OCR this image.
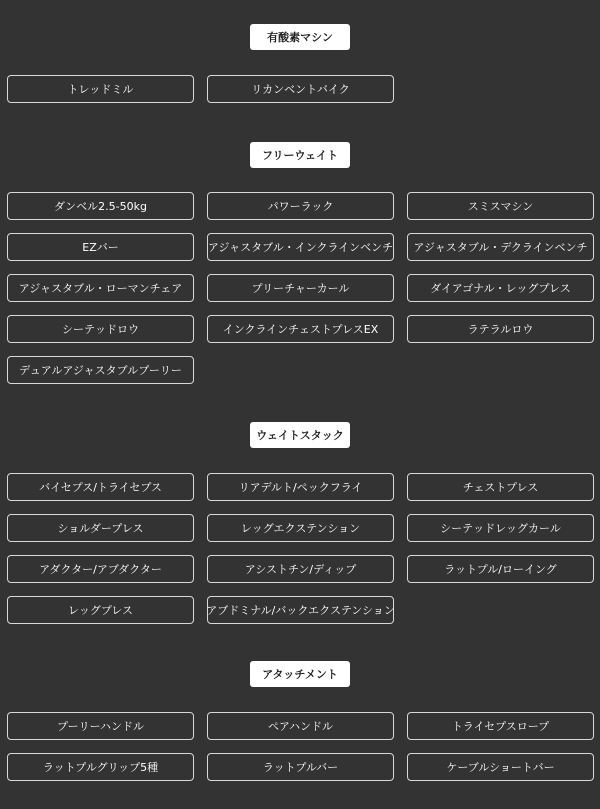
有酸素マシン
トレッドミル	リカンベントバイク
フリーウェイト
ダンベル2.5-50kg	パワーラック	スミスマシン
EZバー	アジャスタブル・インクラインベンチ	アジャスタブル・デクラインベンチ
アジャスタブル・ローマンチェア	プリーチャーカール	ダイアゴナル・レッグプレス
シーテッドロウ	インクラインチェストプレスEX	ラテラルロウ
デュアルアジャスタブルプーリー
ウェイトスタック
バイセプス/トライセプス	リアデルト/ペックフライ	チェストプレス
ショルダープレス	レッグエクステンション	シーテッドレッグカール
アダクター/アブダクター	アシストチン/ディップ	ラットプル/ローイング
レッグプレス	アブドミナル/バックエクステンション
アタッチメント
プーリーハンドル	ペアハンドル	トライセプスロープ
ラットプルグリップ5種	ラットプルバー	ケーブルショートバー
